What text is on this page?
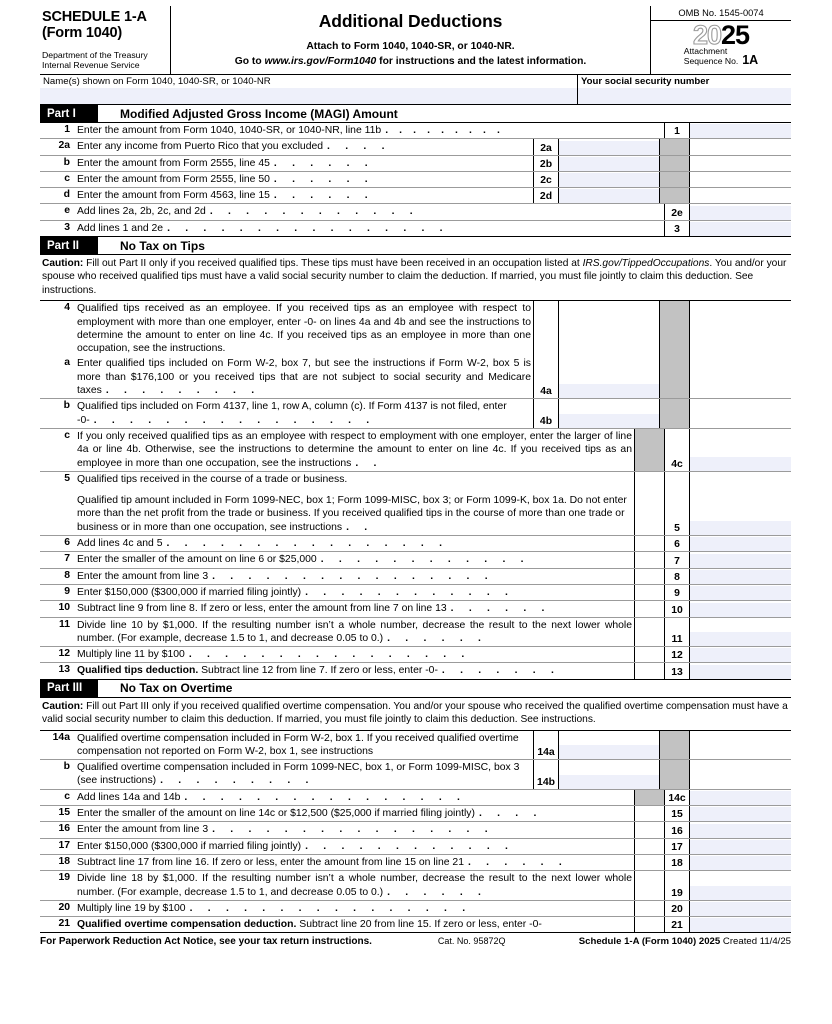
SCHEDULE 1-A
(Form 1040)
Department of the Treasury
Internal Revenue Service
Additional Deductions
Attach to Form 1040, 1040-SR, or 1040-NR.
Go to www.irs.gov/Form1040 for instructions and the latest information.
OMB No. 1545-0074
2025
Attachment
Sequence No. 1A
Name(s) shown on Form 1040, 1040-SR, or 1040-NR	Your social security number
Part I	Modified Adjusted Gross Income (MAGI) Amount
1 Enter the amount from Form 1040, 1040-SR, or 1040-NR, line 11b . . . . . . . . .	1
2a Enter any income from Puerto Rico that you excluded . . . .	2a
b Enter the amount from Form 2555, line 45 . . . . . .	2b
c Enter the amount from Form 2555, line 50 . . . . . .	2c
d Enter the amount from Form 4563, line 15 . . . . . .	2d
e Add lines 2a, 2b, 2c, and 2d . . . . . . . . . . . .	2e
3 Add lines 1 and 2e . . . . . . . . . . . . . . . .	3
Part II	No Tax on Tips
Caution: Fill out Part II only if you received qualified tips. These tips must have been received in an occupation listed at IRS.gov/TippedOccupations. You and/or your spouse who received qualified tips must have a valid social security number to claim the deduction. If married, you must file jointly to claim this deduction. See instructions.
4 Qualified tips received as an employee. If you received tips as an employee with respect to employment with more than one employer, enter -0- on lines 4a and 4b and see the instructions to determine the amount to enter on line 4c. If you received tips as an employee in more than one occupation, see the instructions.
a Enter qualified tips included on Form W-2, box 7, but see the instructions if Form W-2, box 5 is more than $176,100 or you received tips that are not subject to social security and Medicare taxes . . . . . . . . .	4a
b Qualified tips included on Form 4137, line 1, row A, column (c). If Form 4137 is not filed, enter -0- . . . . . . . . . . . . . . . .	4b
c If you only received qualified tips as an employee with respect to employment with one employer, enter the larger of line 4a or line 4b. Otherwise, see the instructions to determine the amount to enter on line 4c. If you received tips as an employee in more than one occupation, see the instructions . .	4c
5 Qualified tips received in the course of a trade or business.
Qualified tip amount included in Form 1099-NEC, box 1; Form 1099-MISC, box 3; or Form 1099-K, box 1a. Do not enter more than the net profit from the trade or business. If you received qualified tips in the course of more than one trade or business or in more than one occupation, see instructions . .	5
6 Add lines 4c and 5 . . . . . . . . . . . . . . . .	6
7 Enter the smaller of the amount on line 6 or $25,000 . . . . . . . . . . . .	7
8 Enter the amount from line 3 . . . . . . . . . . . . . . . .	8
9 Enter $150,000 ($300,000 if married filing jointly) . . . . . . . . . . . .	9
10 Subtract line 9 from line 8. If zero or less, enter the amount from line 7 on line 13 . . . . . .	10
11 Divide line 10 by $1,000. If the resulting number isn’t a whole number, decrease the result to the next lower whole number. (For example, decrease 1.5 to 1, and decrease 0.05 to 0.) . . . . . .	11
12 Multiply line 11 by $100 . . . . . . . . . . . . . . . .	12
13 Qualified tips deduction. Subtract line 12 from line 7. If zero or less, enter -0- . . . . . . .	13
Part III	No Tax on Overtime
Caution: Fill out Part III only if you received qualified overtime compensation. You and/or your spouse who received the qualified overtime compensation must have a valid social security number to claim this deduction. If married, you must file jointly to claim this deduction. See instructions.
14a Qualified overtime compensation included in Form W-2, box 1. If you received qualified overtime compensation not reported on Form W-2, box 1, see instructions	14a
b Qualified overtime compensation included in Form 1099-NEC, box 1, or Form 1099-MISC, box 3 (see instructions) . . . . . . . . .	14b
c Add lines 14a and 14b . . . . . . . . . . . . . . . .	14c
15 Enter the smaller of the amount on line 14c or $12,500 ($25,000 if married filing jointly) . . . .	15
16 Enter the amount from line 3 . . . . . . . . . . . . . . . .	16
17 Enter $150,000 ($300,000 if married filing jointly) . . . . . . . . . . . .	17
18 Subtract line 17 from line 16. If zero or less, enter the amount from line 15 on line 21 . . . . . .	18
19 Divide line 18 by $1,000. If the resulting number isn’t a whole number, decrease the result to the next lower whole number. (For example, decrease 1.5 to 1, and decrease 0.05 to 0.) . . . . . .	19
20 Multiply line 19 by $100 . . . . . . . . . . . . . . . .	20
21 Qualified overtime compensation deduction. Subtract line 20 from line 15. If zero or less, enter -0-	21
For Paperwork Reduction Act Notice, see your tax return instructions.	Cat. No. 95872Q	Schedule 1-A (Form 1040) 2025 Created 11/4/25
